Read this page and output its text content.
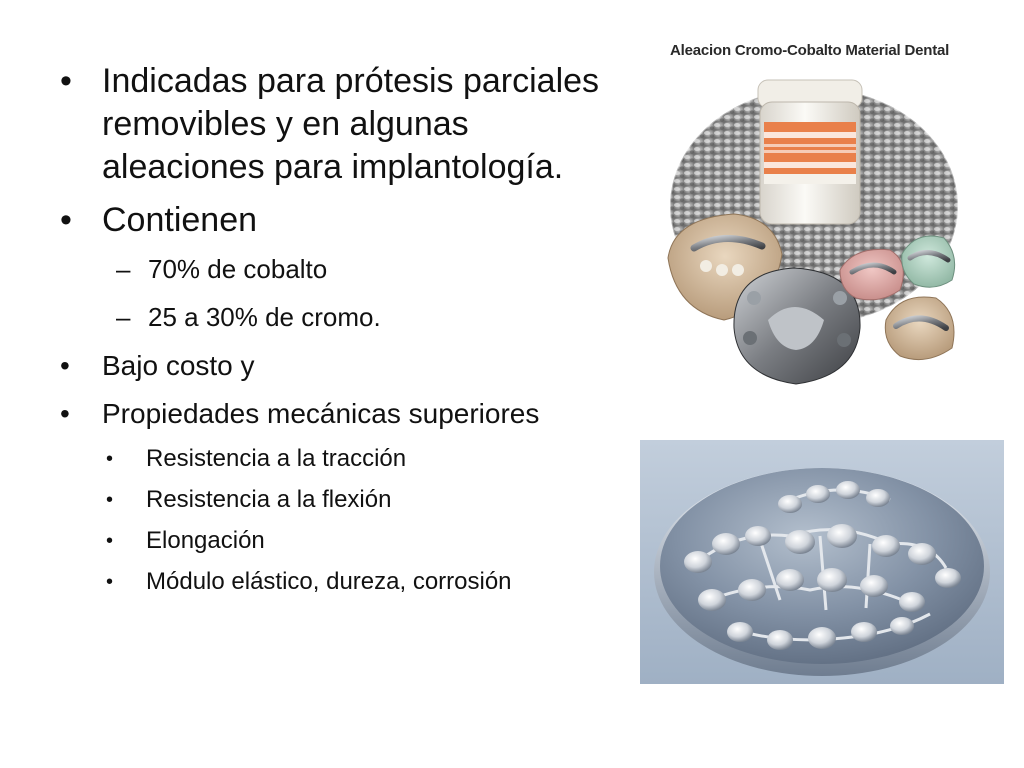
• Indicadas para prótesis parciales removibles y en algunas aleaciones para implantología.
• Contienen
– 70% de cobalto
– 25 a 30% de cromo.
• Bajo costo y
• Propiedades mecánicas superiores
• Resistencia a la tracción
• Resistencia a la flexión
• Elongación
• Módulo elástico, dureza, corrosión
Aleacion Cromo-Cobalto Material Dental
